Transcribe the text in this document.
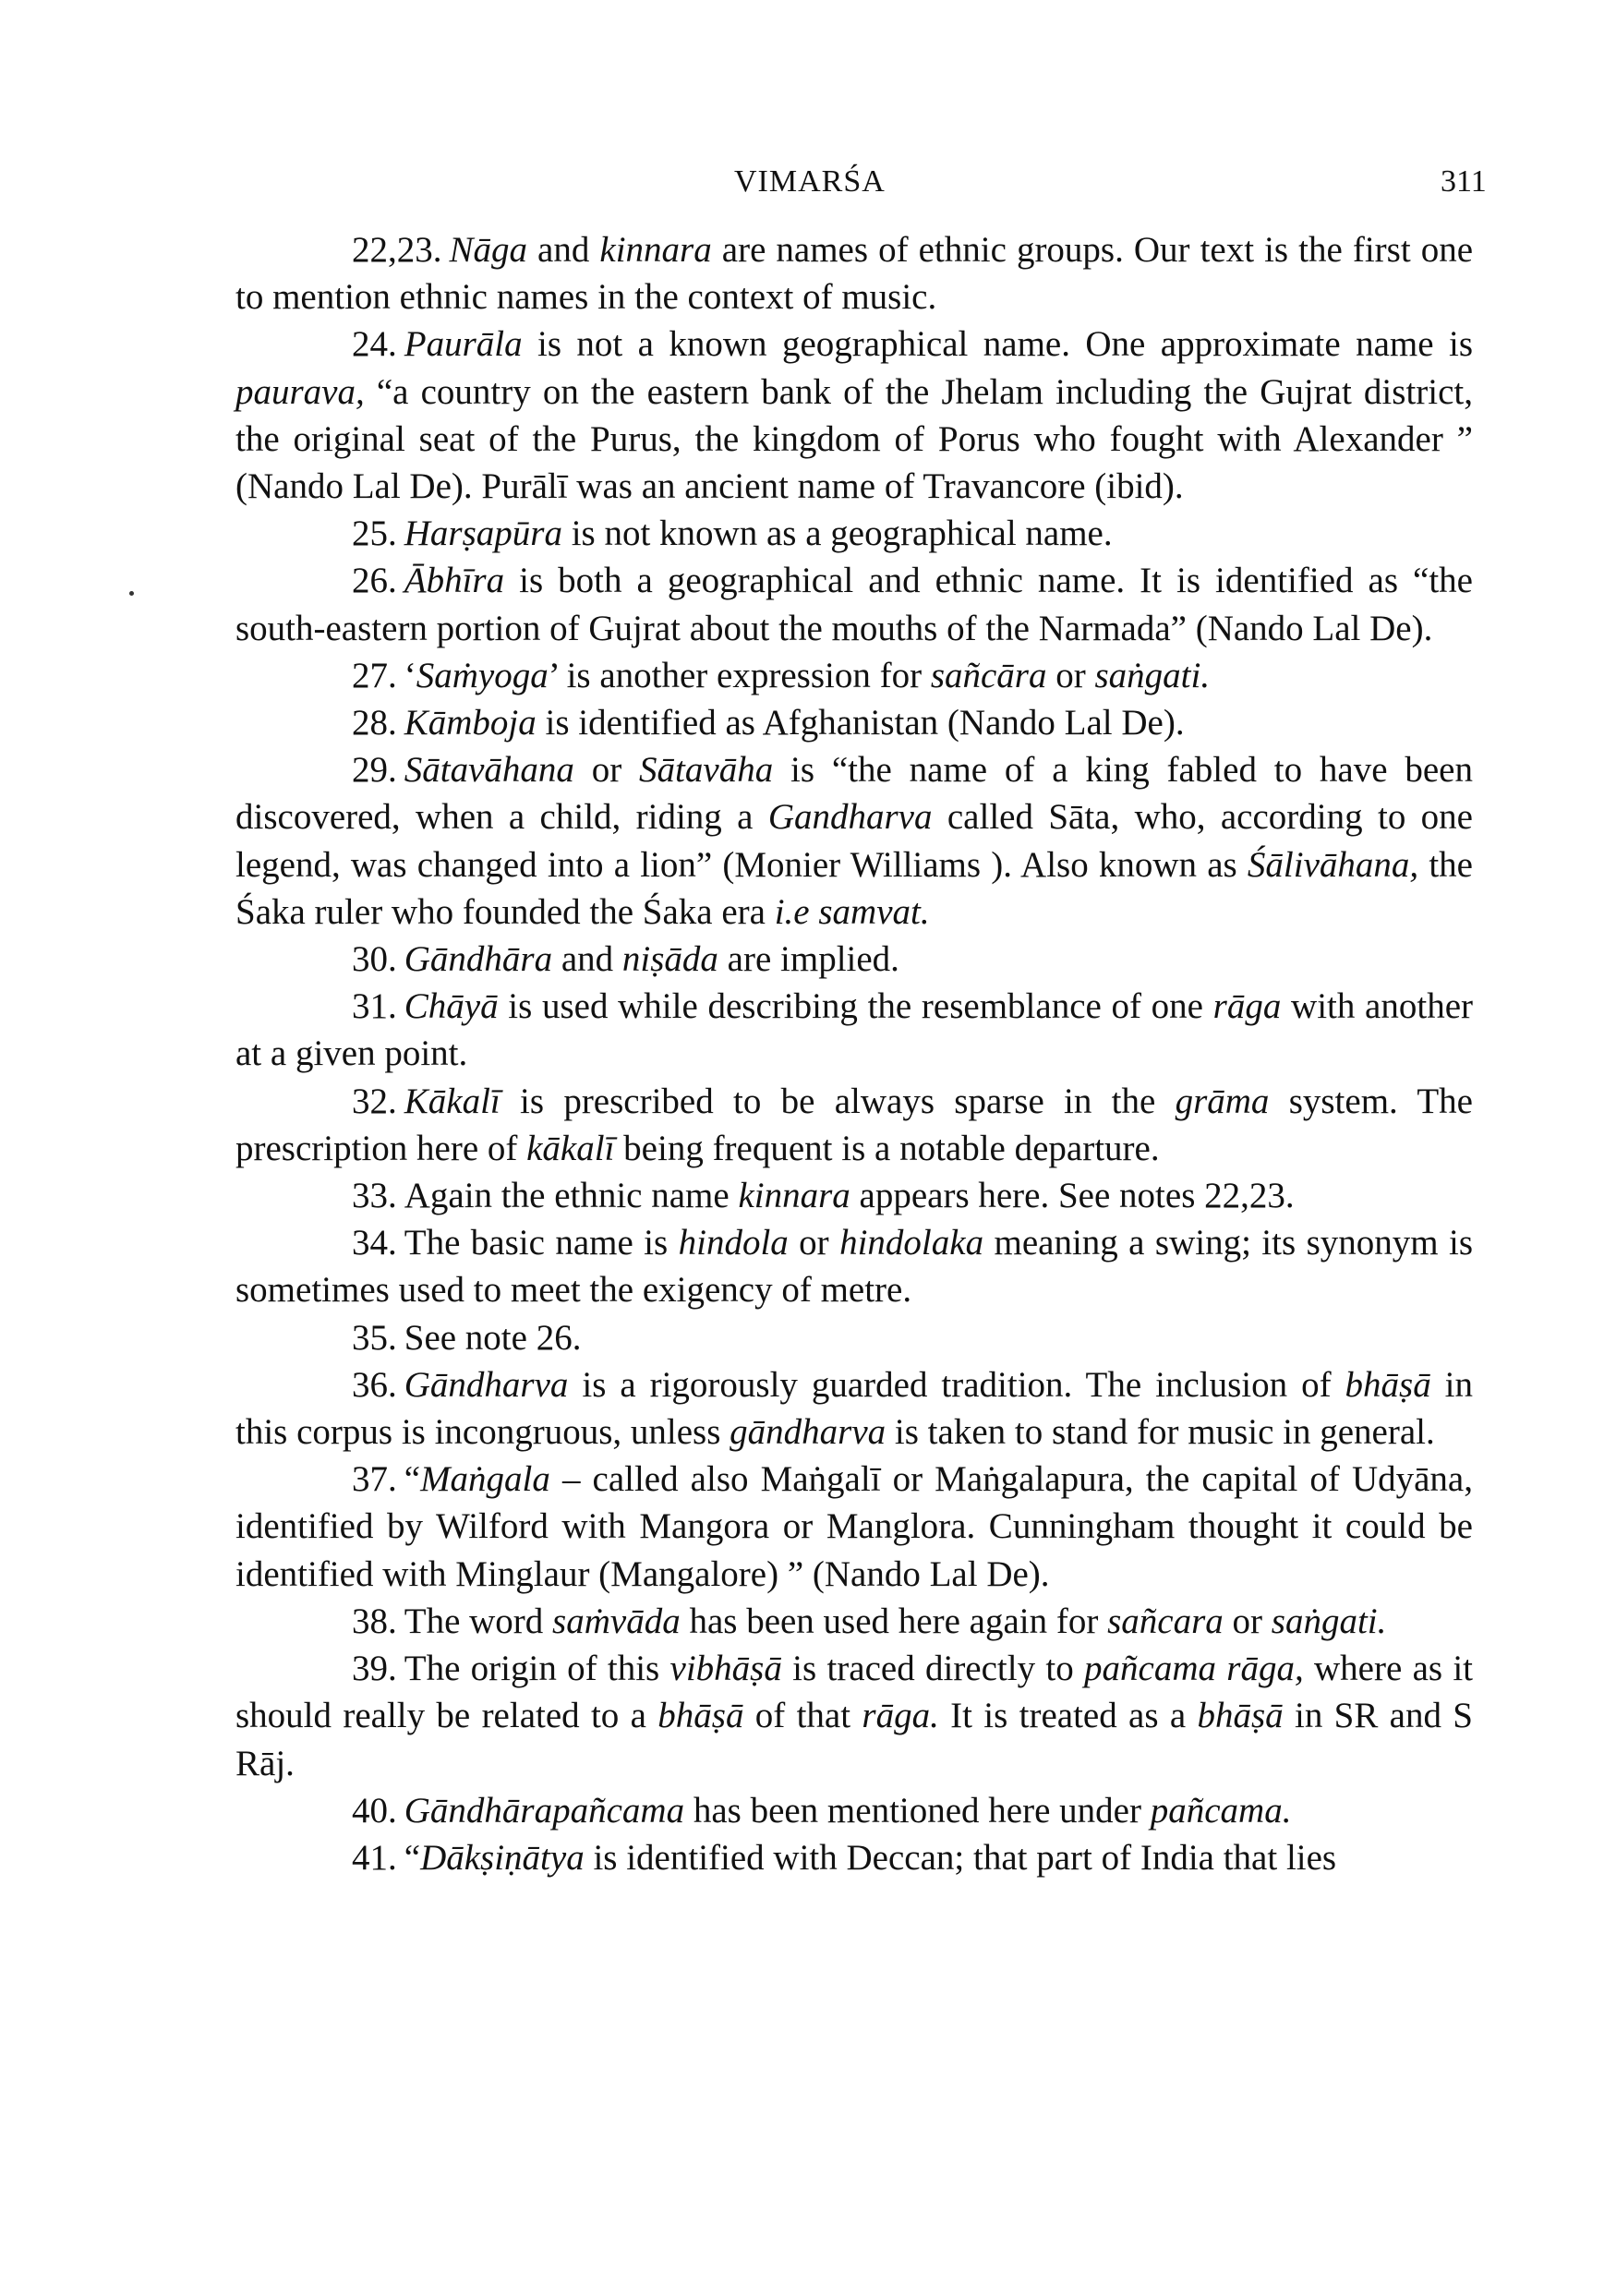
VIMARŚA	311

22,23. Nāga and kinnara are names of ethnic groups. Our text is the first one to mention ethnic names in the context of music.

24. Paurāla is not a known geographical name. One approximate name is paurava, “a country on the eastern bank of the Jhelam including the Gujrat district, the original seat of the Purus, the kingdom of Porus who fought with Alexander ” (Nando Lal De). Purālī was an ancient name of Travancore (ibid).

25. Harṣapūra is not known as a geographical name.

26. Ābhīra is both a geographical and ethnic name. It is identified as “the south-eastern portion of Gujrat about the mouths of the Narmada” (Nando Lal De).

27. ‘Saṁyoga’ is another expression for sañcāra or saṅgati.

28. Kāmboja is identified as Afghanistan (Nando Lal De).

29. Sātavāhana or Sātavāha is “the name of a king fabled to have been discovered, when a child, riding a Gandharva called Sāta, who, according to one legend, was changed into a lion” (Monier Williams ). Also known as Śālivāhana, the Śaka ruler who founded the Śaka era i.e samvat.

30. Gāndhāra and niṣāda are implied.

31. Chāyā is used while describing the resemblance of one rāga with another at a given point.

32. Kākalī is prescribed to be always sparse in the grāma system. The prescription here of kākalī being frequent is a notable departure.

33. Again the ethnic name kinnara appears here. See notes 22,23.

34. The basic name is hindola or hindolaka meaning a swing; its synonym is sometimes used to meet the exigency of metre.

35. See note 26.

36. Gāndharva is a rigorously guarded tradition. The inclusion of bhāṣā in this corpus is incongruous, unless gāndharva is taken to stand for music in general.

37. “Maṅgala – called also Maṅgalī or Maṅgalapura, the capital of Udyāna, identified by Wilford with Mangora or Manglora. Cunningham thought it could be identified with Minglaur (Mangalore) ” (Nando Lal De).

38. The word saṁvāda has been used here again for sañcara or saṅgati.

39. The origin of this vibhāṣā is traced directly to pañcama rāga, where as it should really be related to a bhāṣā of that rāga. It is treated as a bhāṣā in SR and S Rāj.

40. Gāndhārapañcama has been mentioned here under pañcama.

41. “Dākṣiṇātya is identified with Deccan; that part of India that lies
